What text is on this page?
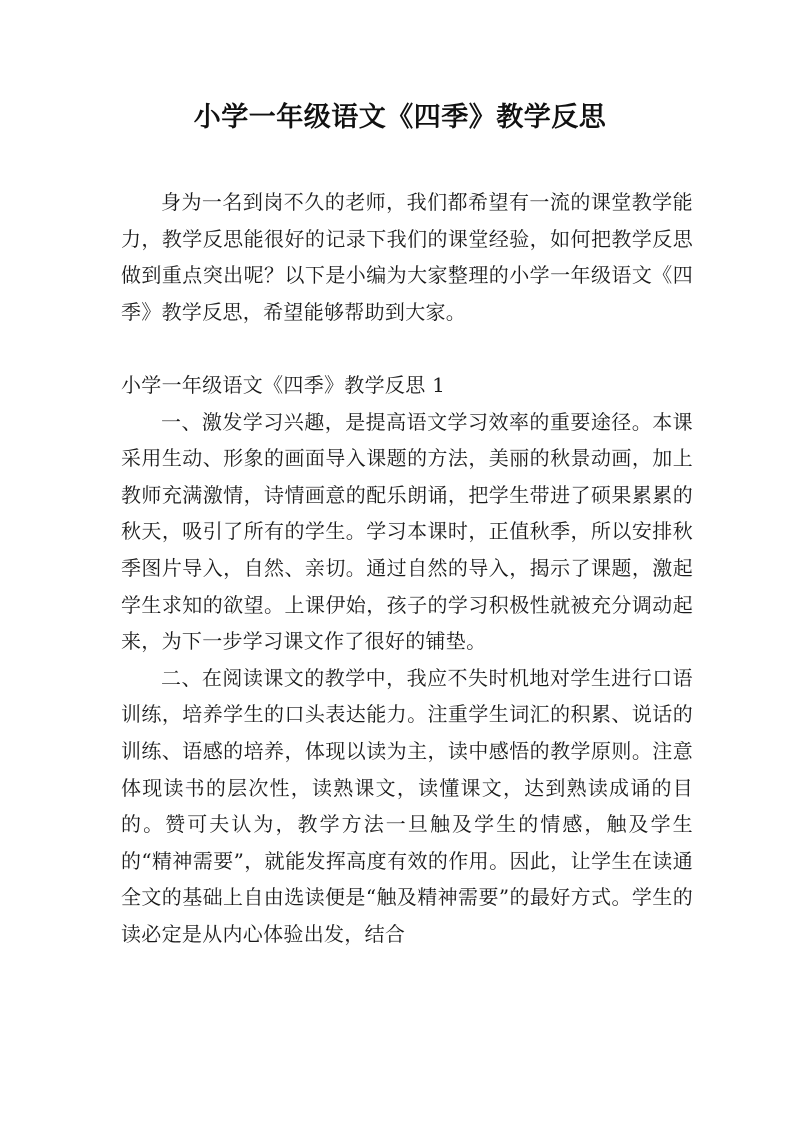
小学一年级语文《四季》教学反思

身为一名到岗不久的老师，我们都希望有一流的课堂教学能力，教学反思能很好的记录下我们的课堂经验，如何把教学反思做到重点突出呢？以下是小编为大家整理的小学一年级语文《四季》教学反思，希望能够帮助到大家。

小学一年级语文《四季》教学反思 1

一、激发学习兴趣，是提高语文学习效率的重要途径。本课采用生动、形象的画面导入课题的方法，美丽的秋景动画，加上教师充满激情，诗情画意的配乐朗诵，把学生带进了硕果累累的秋天，吸引了所有的学生。学习本课时，正值秋季，所以安排秋季图片导入，自然、亲切。通过自然的导入，揭示了课题，激起学生求知的欲望。上课伊始，孩子的学习积极性就被充分调动起来，为下一步学习课文作了很好的铺垫。

二、在阅读课文的教学中，我应不失时机地对学生进行口语训练，培养学生的口头表达能力。注重学生词汇的积累、说话的训练、语感的培养，体现以读为主，读中感悟的教学原则。注意体现读书的层次性，读熟课文，读懂课文，达到熟读成诵的目的。赞可夫认为，教学方法一旦触及学生的情感，触及学生的“精神需要”，就能发挥高度有效的作用。因此，让学生在读通全文的基础上自由选读便是“触及精神需要”的最好方式。学生的读必定是从内心体验出发，结合
